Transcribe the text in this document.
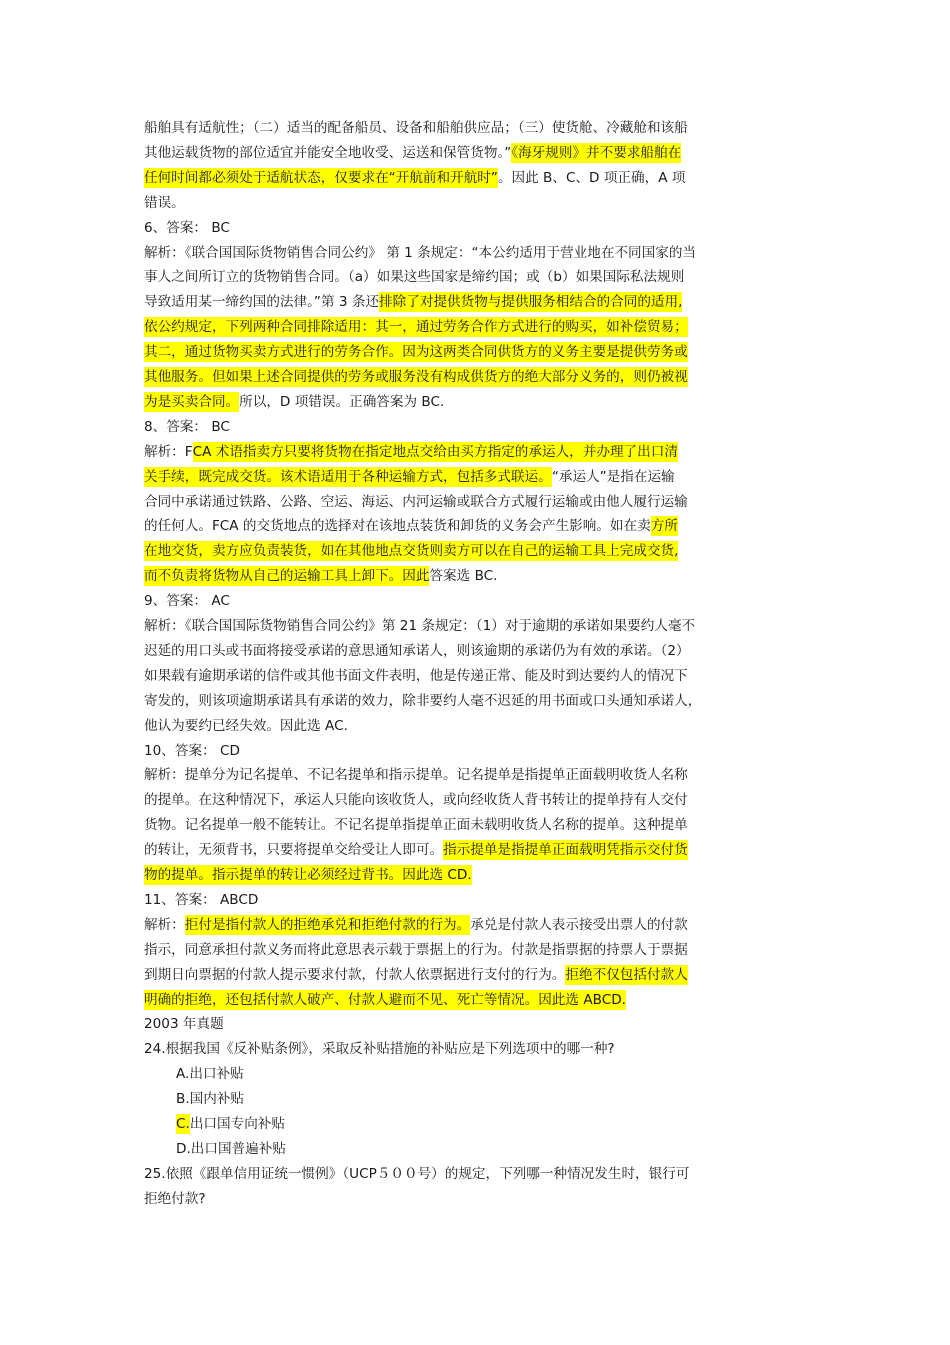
船舶具有适航性；（二）适当的配备船员、设备和船舶供应品；（三）使货舱、冷藏舱和该船
其他运载货物的部位适宜并能安全地收受、运送和保管货物。”《海牙规则》并不要求船舶在
任何时间都必须处于适航状态，仅要求在“开航前和开航时”。因此 B、C、D 项正确，A 项
错误。
6、答案： BC
解析：《联合国国际货物销售合同公约》 第 1 条规定：“本公约适用于营业地在不同国家的当
事人之间所订立的货物销售合同。（a）如果这些国家是缔约国；或（b）如果国际私法规则
导致适用某一缔约国的法律。”第 3 条还排除了对提供货物与提供服务相结合的合同的适用,
依公约规定，下列两种合同排除适用：其一，通过劳务合作方式进行的购买，如补偿贸易；
其二，通过货物买卖方式进行的劳务合作。因为这两类合同供货方的义务主要是提供劳务或
其他服务。但如果上述合同提供的劳务或服务没有构成供货方的绝大部分义务的，则仍被视
为是买卖合同。所以，D 项错误。正确答案为 BC.
8、答案： BC
解析：FCA 术语指卖方只要将货物在指定地点交给由买方指定的承运人，并办理了出口清
关手续，既完成交货。该术语适用于各种运输方式，包括多式联运。“承运人”是指在运输
合同中承诺通过铁路、公路、空运、海运、内河运输或联合方式履行运输或由他人履行运输
的任何人。FCA 的交货地点的选择对在该地点装货和卸货的义务会产生影响。如在卖方所
在地交货，卖方应负责装货，如在其他地点交货则卖方可以在自己的运输工具上完成交货,
而不负责将货物从自己的运输工具上卸下。因此答案选 BC.
9、答案： AC
解析：《联合国国际货物销售合同公约》第 21 条规定：（1）对于逾期的承诺如果要约人毫不
迟延的用口头或书面将接受承诺的意思通知承诺人，则该逾期的承诺仍为有效的承诺。（2）
如果载有逾期承诺的信件或其他书面文件表明，他是传递正常、能及时到达要约人的情况下
寄发的，则该项逾期承诺具有承诺的效力，除非要约人毫不迟延的用书面或口头通知承诺人，
他认为要约已经失效。因此选 AC.
10、答案： CD
解析：提单分为记名提单、不记名提单和指示提单。记名提单是指提单正面载明收货人名称
的提单。在这种情况下，承运人只能向该收货人，或向经收货人背书转让的提单持有人交付
货物。记名提单一般不能转让。不记名提单指提单正面未载明收货人名称的提单。这种提单
的转让，无须背书，只要将提单交给受让人即可。指示提单是指提单正面载明凭指示交付货
物的提单。指示提单的转让必须经过背书。因此选 CD.
11、答案： ABCD
解析：拒付是指付款人的拒绝承兑和拒绝付款的行为。承兑是付款人表示接受出票人的付款
指示，同意承担付款义务而将此意思表示载于票据上的行为。付款是指票据的持票人于票据
到期日向票据的付款人提示要求付款，付款人依票据进行支付的行为。拒绝不仅包括付款人
明确的拒绝，还包括付款人破产、付款人避而不见、死亡等情况。因此选 ABCD.
2003 年真题
24.根据我国《反补贴条例》，采取反补贴措施的补贴应是下列选项中的哪一种?
A.出口补贴
B.国内补贴
C.出口国专向补贴
D.出口国普遍补贴
25.依照《跟单信用证统一惯例》（UCP５００号）的规定，下列哪一种情况发生时，银行可
拒绝付款?
